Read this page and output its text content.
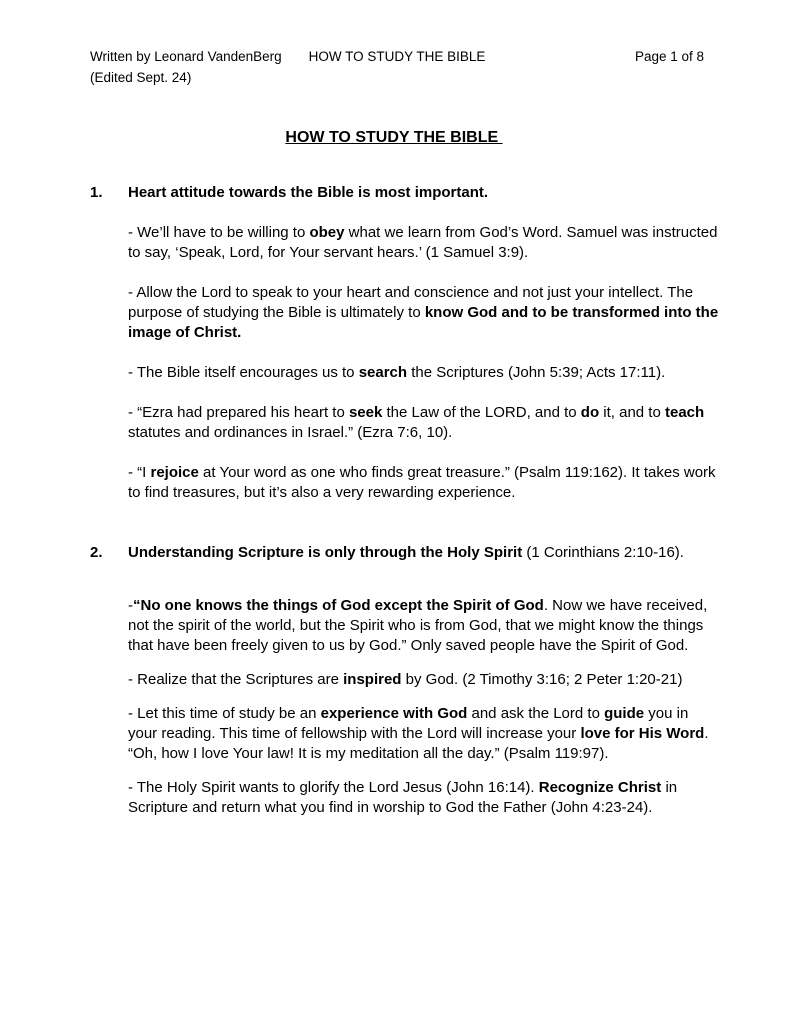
Written by Leonard VandenBerg
(Edited Sept. 24)
HOW TO STUDY THE BIBLE	Page 1 of 8
HOW TO STUDY THE BIBLE
1.	Heart attitude towards the Bible is most important.

- We’ll have to be willing to obey what we learn from God’s Word. Samuel was instructed to say, ‘Speak, Lord, for Your servant hears.’ (1 Samuel 3:9).

- Allow the Lord to speak to your heart and conscience and not just your intellect. The purpose of studying the Bible is ultimately to know God and to be transformed into the image of Christ.

- The Bible itself encourages us to search the Scriptures (John 5:39; Acts 17:11).

- “Ezra had prepared his heart to seek the Law of the LORD, and to do it, and to teach statutes and ordinances in Israel.” (Ezra 7:6, 10).

- “I rejoice at Your word as one who finds great treasure.” (Psalm 119:162). It takes work to find treasures, but it’s also a very rewarding experience.

2.	Understanding Scripture is only through the Holy Spirit (1 Corinthians 2:10-16).

-“No one knows the things of God except the Spirit of God. Now we have received, not the spirit of the world, but the Spirit who is from God, that we might know the things that have been freely given to us by God.” Only saved people have the Spirit of God.

- Realize that the Scriptures are inspired by God. (2 Timothy 3:16; 2 Peter 1:20-21)

- Let this time of study be an experience with God and ask the Lord to guide you in your reading. This time of fellowship with the Lord will increase your love for His Word. “Oh, how I love Your law! It is my meditation all the day.” (Psalm 119:97).

- The Holy Spirit wants to glorify the Lord Jesus (John 16:14). Recognize Christ in Scripture and return what you find in worship to God the Father (John 4:23-24).
